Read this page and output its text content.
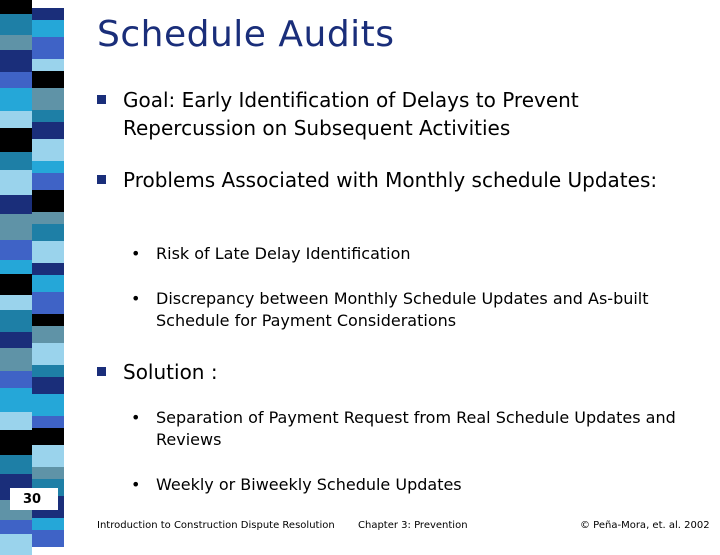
Schedule Audits
Goal: Early Identification of Delays to Prevent Repercussion on Subsequent Activities
Problems Associated with Monthly schedule Updates:
• Risk of Late Delay Identification
• Discrepancy between Monthly Schedule Updates and As-built Schedule for Payment Considerations
Solution :
• Separation of Payment Request from Real Schedule Updates and Reviews
• Weekly or Biweekly Schedule Updates
30
Introduction to Construction Dispute Resolution Chapter 3: Prevention	© Peña-Mora, et. al. 2002
